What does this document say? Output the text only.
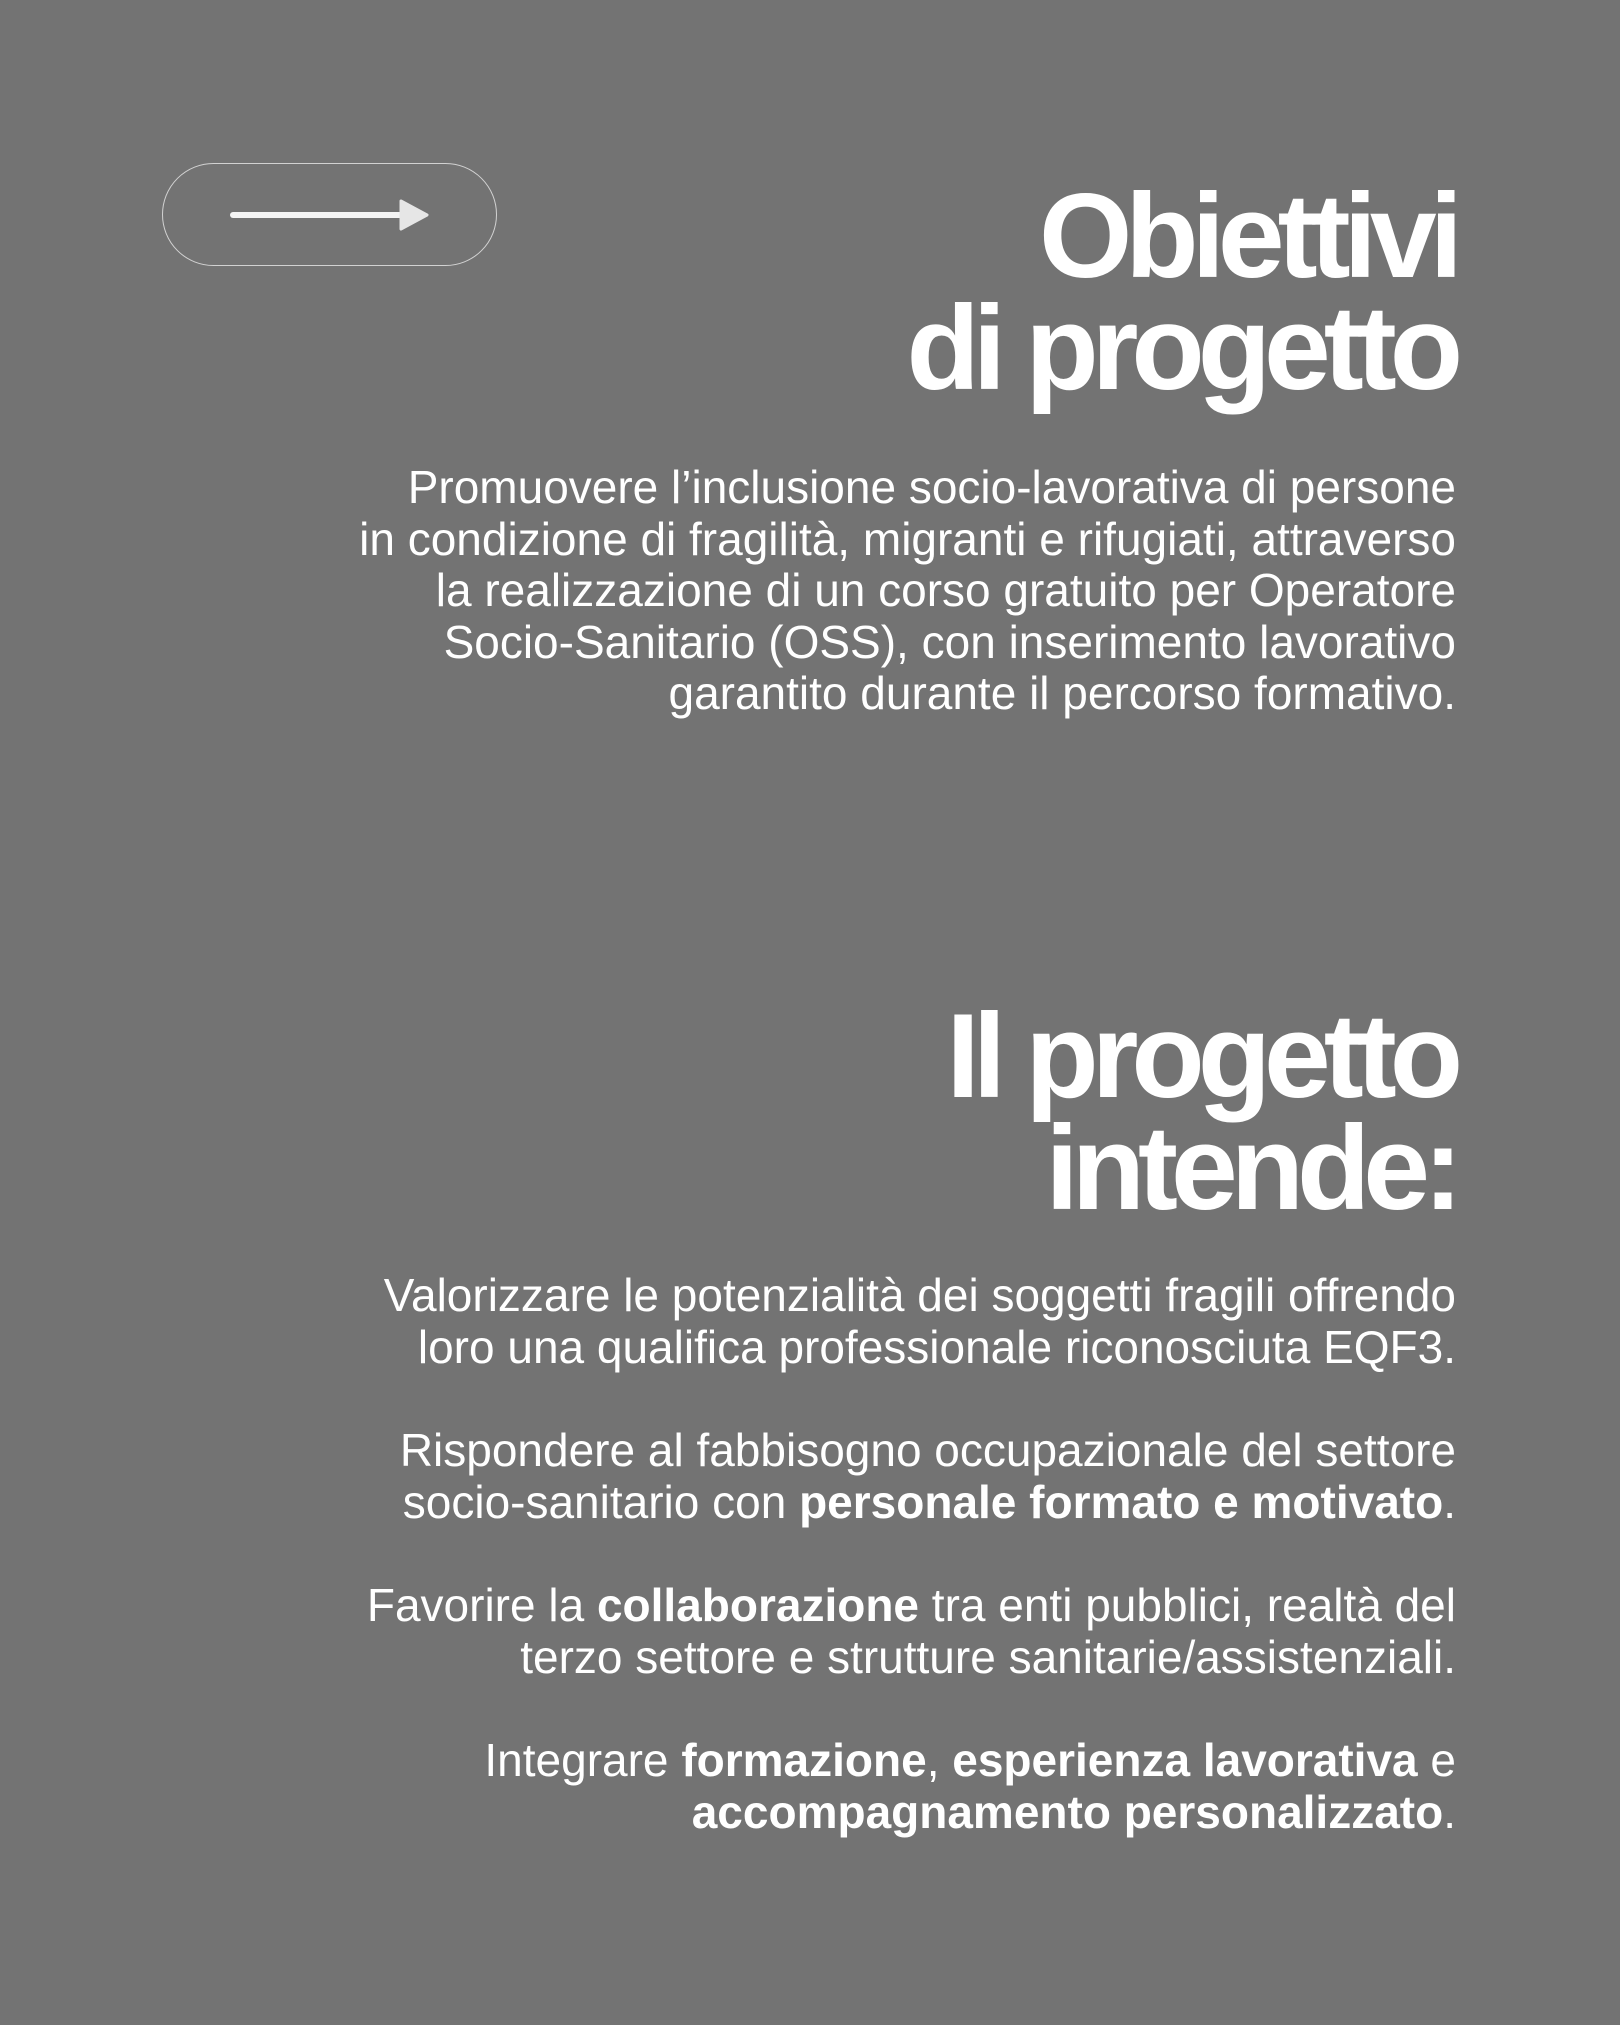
Obiettivi
di progetto

Promuovere l’inclusione socio-lavorativa di persone
in condizione di fragilità, migranti e rifugiati, attraverso
la realizzazione di un corso gratuito per Operatore
Socio-Sanitario (OSS), con inserimento lavorativo
garantito durante il percorso formativo.

Il progetto
intende:

Valorizzare le potenzialità dei soggetti fragili offrendo
loro una qualifica professionale riconosciuta EQF3.

Rispondere al fabbisogno occupazionale del settore
socio-sanitario con personale formato e motivato.

Favorire la collaborazione tra enti pubblici, realtà del
terzo settore e strutture sanitarie/assistenziali.

Integrare formazione, esperienza lavorativa e
accompagnamento personalizzato.
